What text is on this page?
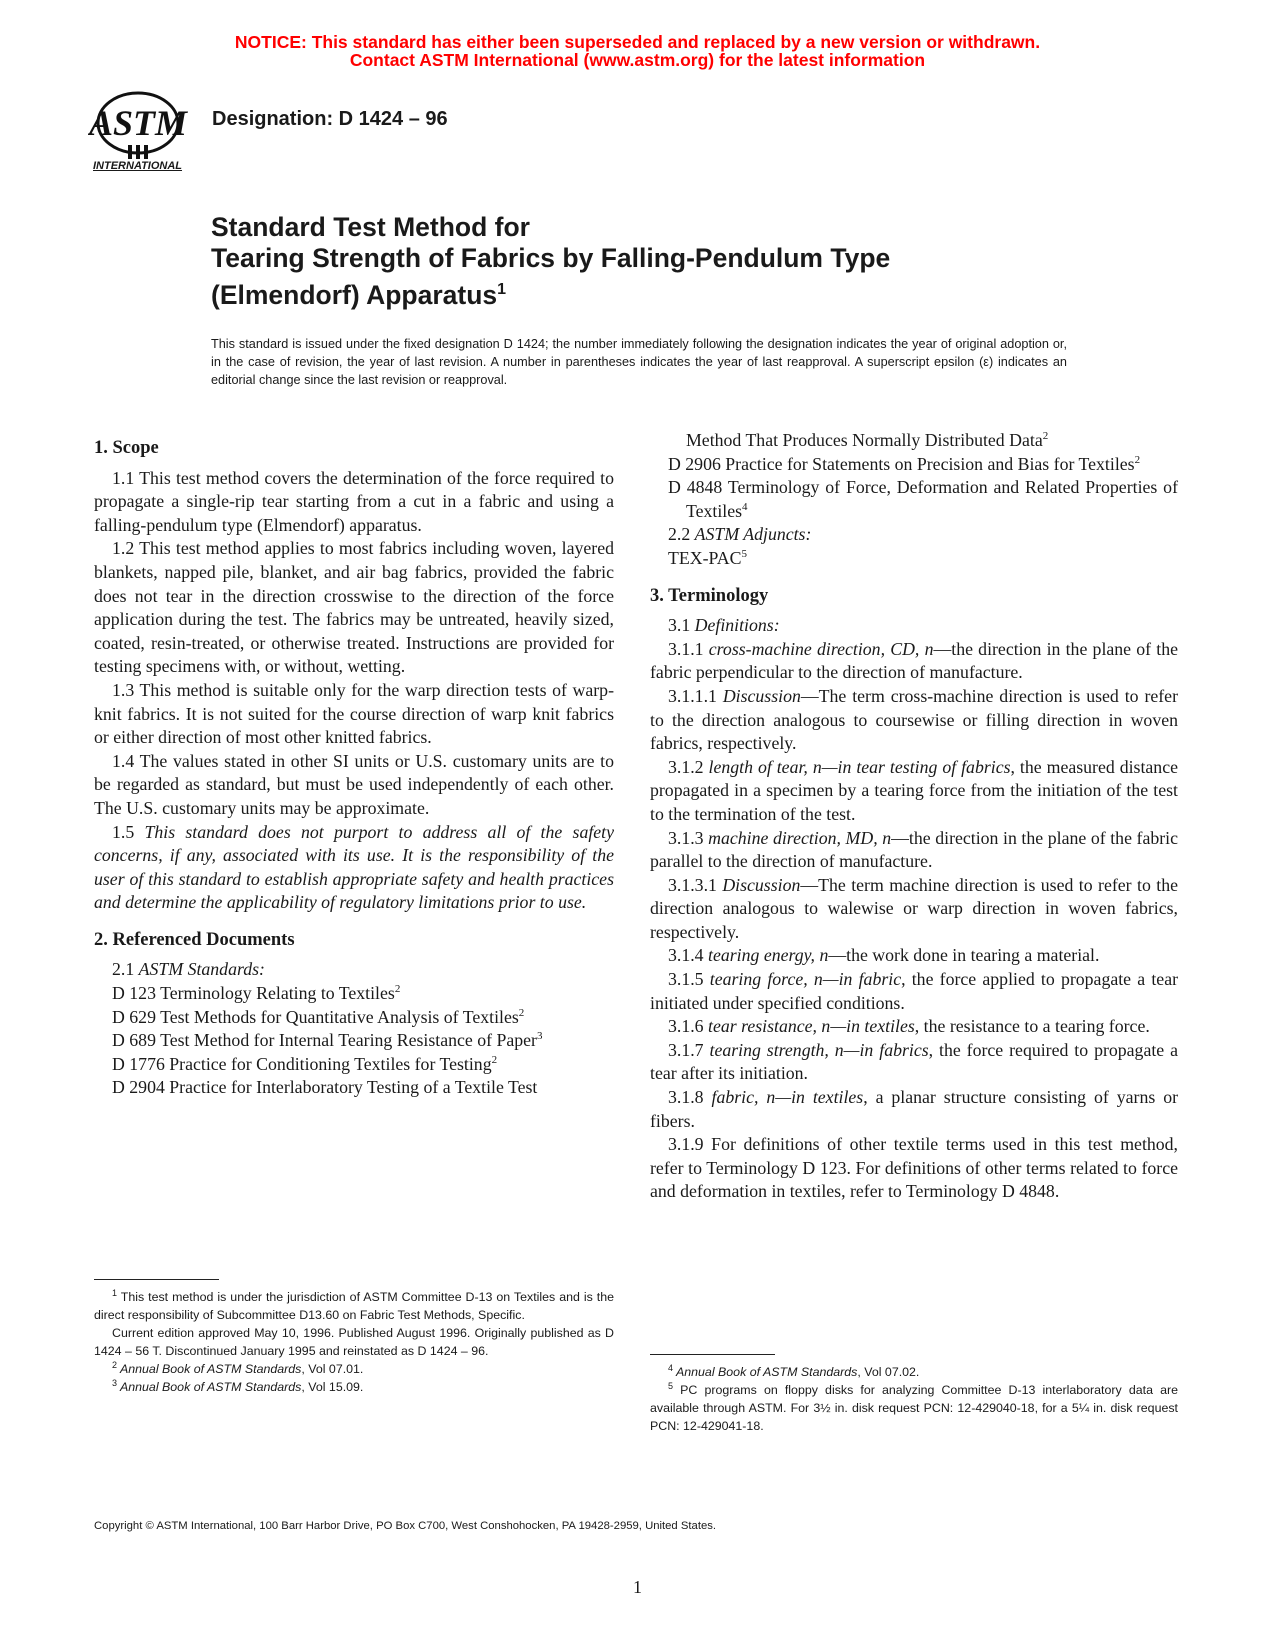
NOTICE: This standard has either been superseded and replaced by a new version or withdrawn.
Contact ASTM International (www.astm.org) for the latest information
ASTM
INTERNATIONAL
Designation: D 1424 – 96
Standard Test Method for
Tearing Strength of Fabrics by Falling-Pendulum Type
(Elmendorf) Apparatus$^1$
This standard is issued under the fixed designation D 1424; the number immediately following the designation indicates the year of original adoption or, in the case of revision, the year of last revision. A number in parentheses indicates the year of last reapproval. A superscript epsilon (ε) indicates an editorial change since the last revision or reapproval.
1. Scope

1.1 This test method covers the determination of the force required to propagate a single-rip tear starting from a cut in a fabric and using a falling-pendulum type (Elmendorf) apparatus.

1.2 This test method applies to most fabrics including woven, layered blankets, napped pile, blanket, and air bag fabrics, provided the fabric does not tear in the direction crosswise to the direction of the force application during the test. The fabrics may be untreated, heavily sized, coated, resin-treated, or otherwise treated. Instructions are provided for testing specimens with, or without, wetting.

1.3 This method is suitable only for the warp direction tests of warp-knit fabrics. It is not suited for the course direction of warp knit fabrics or either direction of most other knitted fabrics.

1.4 The values stated in other SI units or U.S. customary units are to be regarded as standard, but must be used independently of each other. The U.S. customary units may be approximate.

1.5 This standard does not purport to address all of the safety concerns, if any, associated with its use. It is the responsibility of the user of this standard to establish appropriate safety and health practices and determine the applicability of regulatory limitations prior to use.

2. Referenced Documents

2.1 ASTM Standards:

D 123 Terminology Relating to Textiles$^2$

D 629 Test Methods for Quantitative Analysis of Textiles$^2$

D 689 Test Method for Internal Tearing Resistance of Paper$^3$

D 1776 Practice for Conditioning Textiles for Testing$^2$

D 2904 Practice for Interlaboratory Testing of a Textile Test

$^1$ This test method is under the jurisdiction of ASTM Committee D-13 on Textiles and is the direct responsibility of Subcommittee D13.60 on Fabric Test Methods, Specific.

Current edition approved May 10, 1996. Published August 1996. Originally published as D 1424 – 56 T. Discontinued January 1995 and reinstated as D 1424 – 96.

$^2$ Annual Book of ASTM Standards, Vol 07.01.

$^3$ Annual Book of ASTM Standards, Vol 15.09.

Method That Produces Normally Distributed Data$^2$

D 2906 Practice for Statements on Precision and Bias for Textiles$^2$

D 4848 Terminology of Force, Deformation and Related Properties of Textiles$^4$

2.2 ASTM Adjuncts:

TEX-PAC$^5$

3. Terminology

3.1 Definitions:

3.1.1 cross-machine direction, CD, n—the direction in the plane of the fabric perpendicular to the direction of manufacture.

3.1.1.1 Discussion—The term cross-machine direction is used to refer to the direction analogous to coursewise or filling direction in woven fabrics, respectively.

3.1.2 length of tear, n—in tear testing of fabrics, the measured distance propagated in a specimen by a tearing force from the initiation of the test to the termination of the test.

3.1.3 machine direction, MD, n—the direction in the plane of the fabric parallel to the direction of manufacture.

3.1.3.1 Discussion—The term machine direction is used to refer to the direction analogous to walewise or warp direction in woven fabrics, respectively.

3.1.4 tearing energy, n—the work done in tearing a material.

3.1.5 tearing force, n—in fabric, the force applied to propagate a tear initiated under specified conditions.

3.1.6 tear resistance, n—in textiles, the resistance to a tearing force.

3.1.7 tearing strength, n—in fabrics, the force required to propagate a tear after its initiation.

3.1.8 fabric, n—in textiles, a planar structure consisting of yarns or fibers.

3.1.9 For definitions of other textile terms used in this test method, refer to Terminology D 123. For definitions of other terms related to force and deformation in textiles, refer to Terminology D 4848.

$^4$ Annual Book of ASTM Standards, Vol 07.02.

$^5$ PC programs on floppy disks for analyzing Committee D-13 interlaboratory data are available through ASTM. For 3½ in. disk request PCN: 12-429040-18, for a 5¼ in. disk request PCN: 12-429041-18.

Copyright © ASTM International, 100 Barr Harbor Drive, PO Box C700, West Conshohocken, PA 19428-2959, United States.
1
